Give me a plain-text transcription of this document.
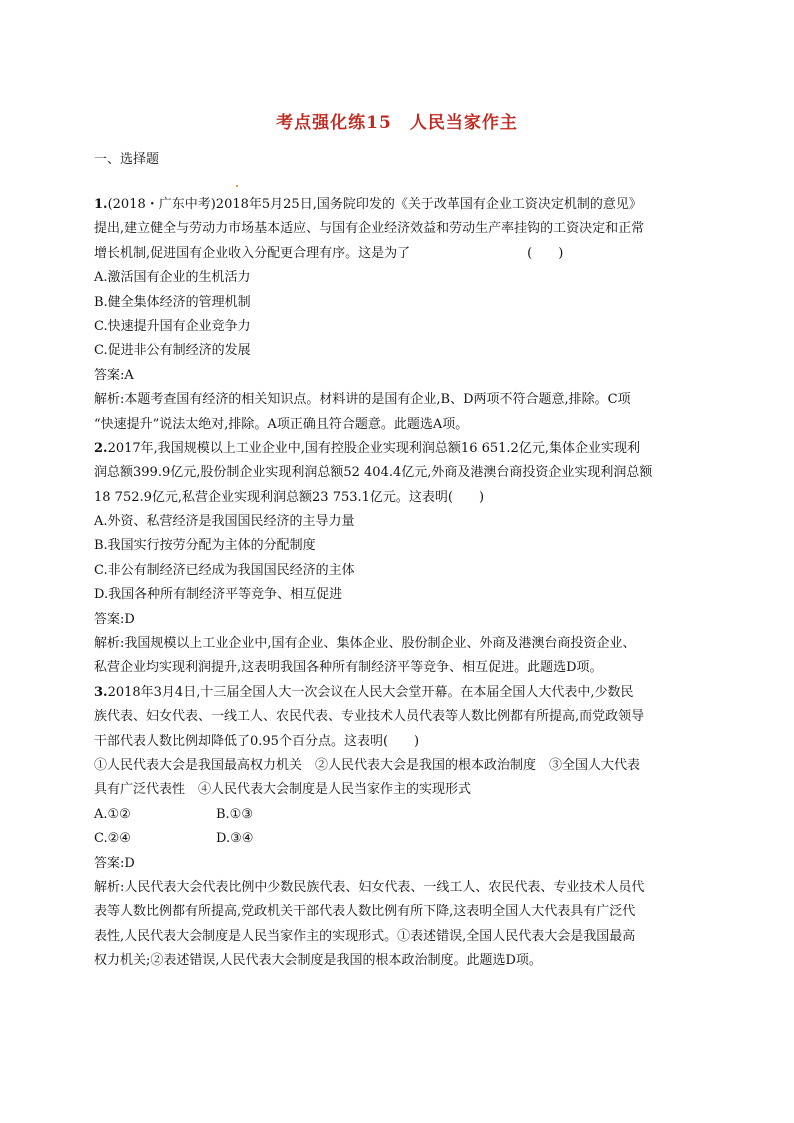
考点强化练15　人民当家作主
一、选择题
1.(2018・广东中考)2018年5月25日,国务院印发的《关于改革国有企业工资决定机制的意见》
提出,建立健全与劳动力市场基本适应、与国有企业经济效益和劳动生产率挂钩的工资决定和正常
增长机制,促进国有企业收入分配更合理有序。这是为了　　　　　　　　　(　　)
A.激活国有企业的生机活力
B.健全集体经济的管理机制
C.快速提升国有企业竞争力
C.促进非公有制经济的发展
答案:A
解析:本题考查国有经济的相关知识点。材料讲的是国有企业,B、D两项不符合题意,排除。C项
“快速提升”说法太绝对,排除。A项正确且符合题意。此题选A项。
2.2017年,我国规模以上工业企业中,国有控股企业实现利润总额16 651.2亿元,集体企业实现利
润总额399.9亿元,股份制企业实现利润总额52 404.4亿元,外商及港澳台商投资企业实现利润总额
18 752.9亿元,私营企业实现利润总额23 753.1亿元。这表明(　　)
A.外资、私营经济是我国国民经济的主导力量
B.我国实行按劳分配为主体的分配制度
C.非公有制经济已经成为我国国民经济的主体
D.我国各种所有制经济平等竞争、相互促进
答案:D
解析:我国规模以上工业企业中,国有企业、集体企业、股份制企业、外商及港澳台商投资企业、
私营企业均实现利润提升,这表明我国各种所有制经济平等竞争、相互促进。此题选D项。
3.2018年3月4日,十三届全国人大一次会议在人民大会堂开幕。在本届全国人大代表中,少数民
族代表、妇女代表、一线工人、农民代表、专业技术人员代表等人数比例都有所提高,而党政领导
干部代表人数比例却降低了0.95个百分点。这表明(　　)
①人民代表大会是我国最高权力机关　②人民代表大会是我国的根本政治制度　③全国人大代表
具有广泛代表性　④人民代表大会制度是人民当家作主的实现形式
A.①②	B.①③
C.②④	D.③④
答案:D
解析:人民代表大会代表比例中少数民族代表、妇女代表、一线工人、农民代表、专业技术人员代
表等人数比例都有所提高,党政机关干部代表人数比例有所下降,这表明全国人大代表具有广泛代
表性,人民代表大会制度是人民当家作主的实现形式。①表述错误,全国人民代表大会是我国最高
权力机关;②表述错误,人民代表大会制度是我国的根本政治制度。此题选D项。
